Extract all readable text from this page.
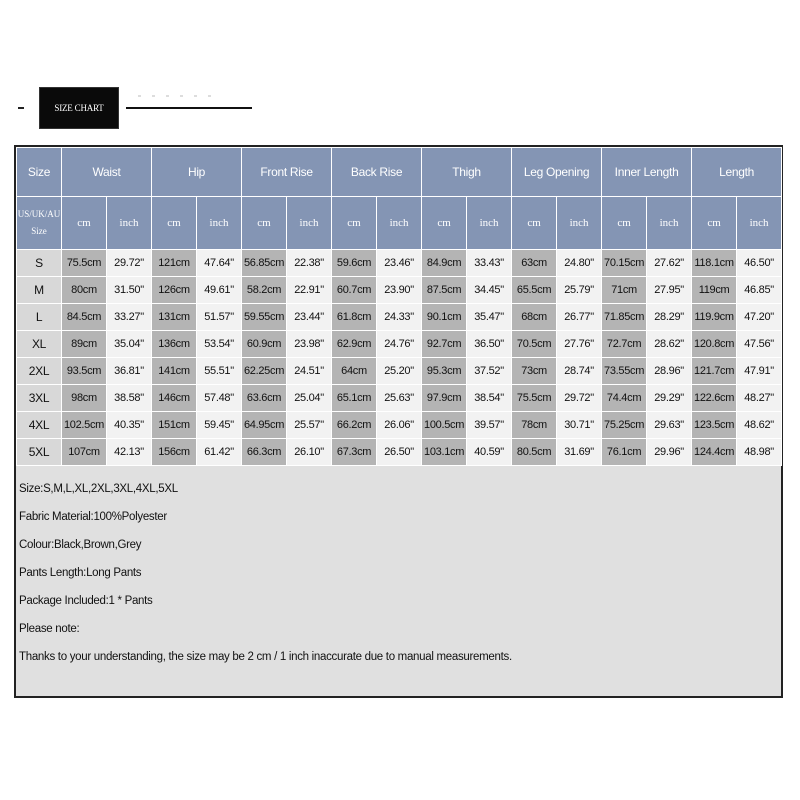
SIZE CHART
Size	Waist		Hip		Front Rise		Back Rise		Thigh		Leg Opening		Inner Length		Length	
US/UK/AU
Size	cm	inch	cm	inch	cm	inch	cm	inch	cm	inch	cm	inch	cm	inch	cm	inch
S	75.5cm	29.72"	121cm	47.64"	56.85cm	22.38"	59.6cm	23.46"	84.9cm	33.43"	63cm	24.80"	70.15cm	27.62"	118.1cm	46.50"
M	80cm	31.50"	126cm	49.61"	58.2cm	22.91"	60.7cm	23.90"	87.5cm	34.45"	65.5cm	25.79"	71cm	27.95"	119cm	46.85"
L	84.5cm	33.27"	131cm	51.57"	59.55cm	23.44"	61.8cm	24.33"	90.1cm	35.47"	68cm	26.77"	71.85cm	28.29"	119.9cm	47.20"
XL	89cm	35.04"	136cm	53.54"	60.9cm	23.98"	62.9cm	24.76"	92.7cm	36.50"	70.5cm	27.76"	72.7cm	28.62"	120.8cm	47.56"
2XL	93.5cm	36.81"	141cm	55.51"	62.25cm	24.51"	64cm	25.20"	95.3cm	37.52"	73cm	28.74"	73.55cm	28.96"	121.7cm	47.91"
3XL	98cm	38.58"	146cm	57.48"	63.6cm	25.04"	65.1cm	25.63"	97.9cm	38.54"	75.5cm	29.72"	74.4cm	29.29"	122.6cm	48.27"
4XL	102.5cm	40.35"	151cm	59.45"	64.95cm	25.57"	66.2cm	26.06"	100.5cm	39.57"	78cm	30.71"	75.25cm	29.63"	123.5cm	48.62"
5XL	107cm	42.13"	156cm	61.42"	66.3cm	26.10"	67.3cm	26.50"	103.1cm	40.59"	80.5cm	31.69"	76.1cm	29.96"	124.4cm	48.98"
Size:S,M,L,XL,2XL,3XL,4XL,5XL
Fabric Material:100%Polyester
Colour:Black,Brown,Grey
Pants Length:Long Pants
Package Included:1 * Pants
Please note:
Thanks to your understanding, the size may be 2 cm / 1 inch inaccurate due to manual measurements.
